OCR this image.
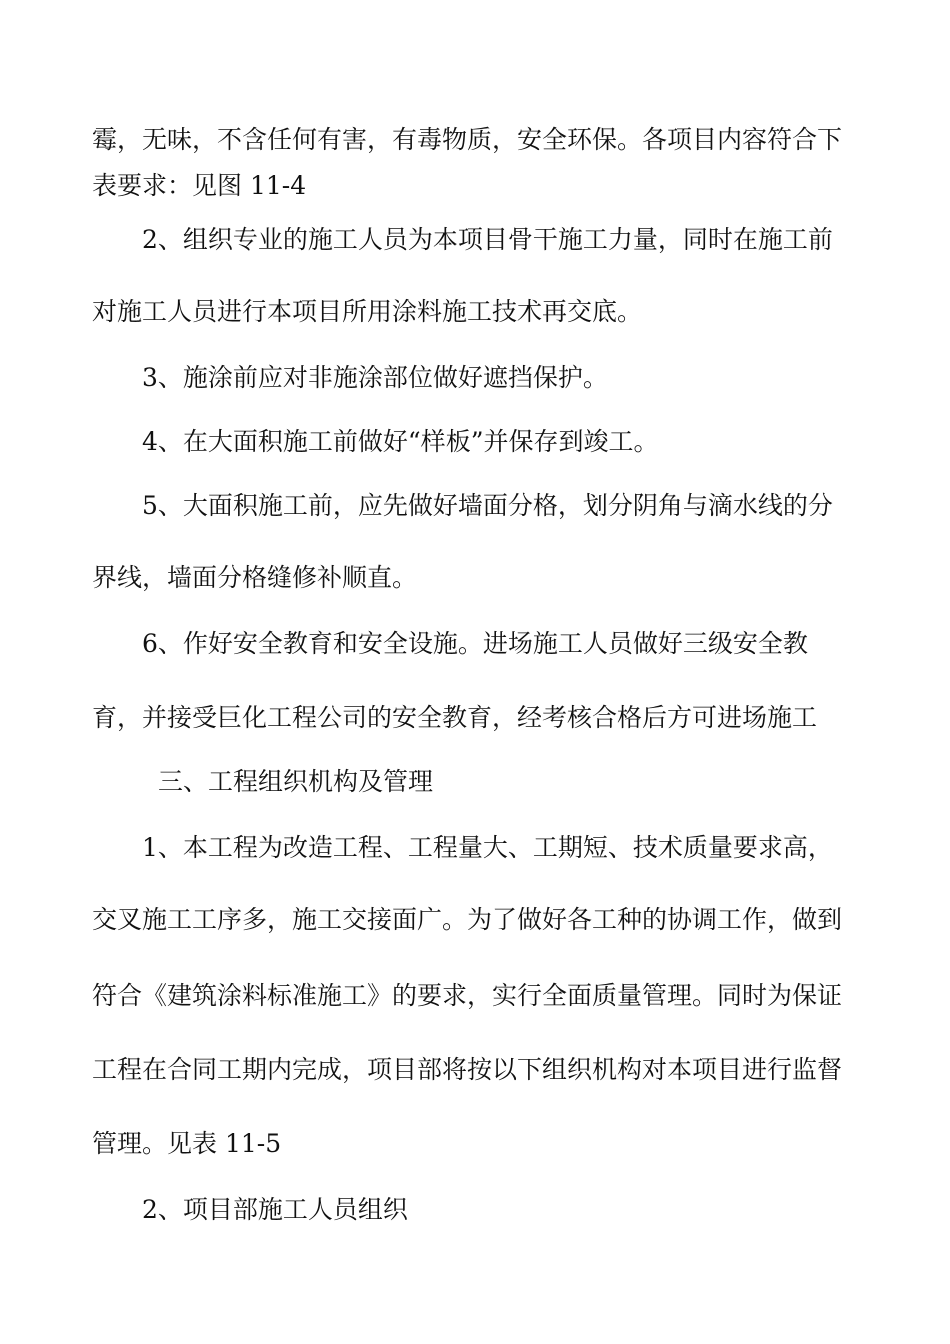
霉，无味，不含任何有害，有毒物质，安全环保。各项目内容符合下
表要求：见图 11-4
2、组织专业的施工人员为本项目骨干施工力量，同时在施工前
对施工人员进行本项目所用涂料施工技术再交底。
3、施涂前应对非施涂部位做好遮挡保护。
4、在大面积施工前做好“样板”并保存到竣工。
5、大面积施工前，应先做好墙面分格，划分阴角与滴水线的分
界线，墙面分格缝修补顺直。
6、作好安全教育和安全设施。进场施工人员做好三级安全教
育，并接受巨化工程公司的安全教育，经考核合格后方可进场施工
三、工程组织机构及管理
1、本工程为改造工程、工程量大、工期短、技术质量要求高，
交叉施工工序多，施工交接面广。为了做好各工种的协调工作，做到
符合《建筑涂料标准施工》的要求，实行全面质量管理。同时为保证
工程在合同工期内完成，项目部将按以下组织机构对本项目进行监督
管理。见表 11-5
2、项目部施工人员组织
